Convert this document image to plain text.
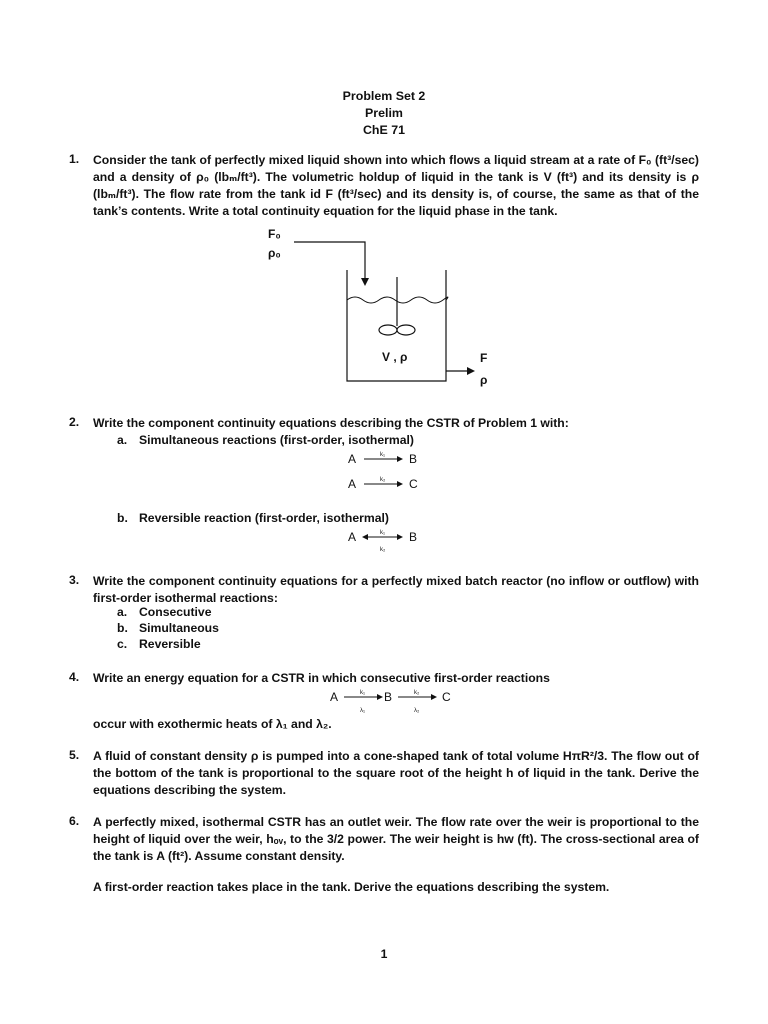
Problem Set 2
Prelim
ChE 71
1. Consider the tank of perfectly mixed liquid shown into which flows a liquid stream at a rate of F₀ (ft³/sec) and a density of ρ₀ (lbₘ/ft³). The volumetric holdup of liquid in the tank is V (ft³) and its density is ρ (lbₘ/ft³). The flow rate from the tank id F (ft³/sec) and its density is, of course, the same as that of the tank’s contents. Write a total continuity equation for the liquid phase in the tank.
F₀
ρ₀
V , ρ	F
ρ
2. Write the component continuity equations describing the CSTR of Problem 1 with:
a. Simultaneous reactions (first-order, isothermal)
A	k₁ B
A	k₂ C
b. Reversible reaction (first-order, isothermal)
A	k₁
k₂
B
3. Write the component continuity equations for a perfectly mixed batch reactor (no inflow or outflow) with first-order isothermal reactions:
a. Consecutive
b. Simultaneous
c. Reversible
4. Write an energy equation for a CSTR in which consecutive first-order reactions
A	k₁
λ₁
B	k₂
λ₂
C
occur with exothermic heats of λ₁ and λ₂.
5. A fluid of constant density ρ is pumped into a cone-shaped tank of total volume HπR²/3. The flow out of the bottom of the tank is proportional to the square root of the height h of liquid in the tank. Derive the equations describing the system.
6. A perfectly mixed, isothermal CSTR has an outlet weir. The flow rate over the weir is proportional to the height of liquid over the weir, hₒᵥ, to the 3/2 power. The weir height is hw (ft). The cross-sectional area of the tank is A (ft²). Assume constant density.
A first-order reaction takes place in the tank. Derive the equations describing the system.
1
